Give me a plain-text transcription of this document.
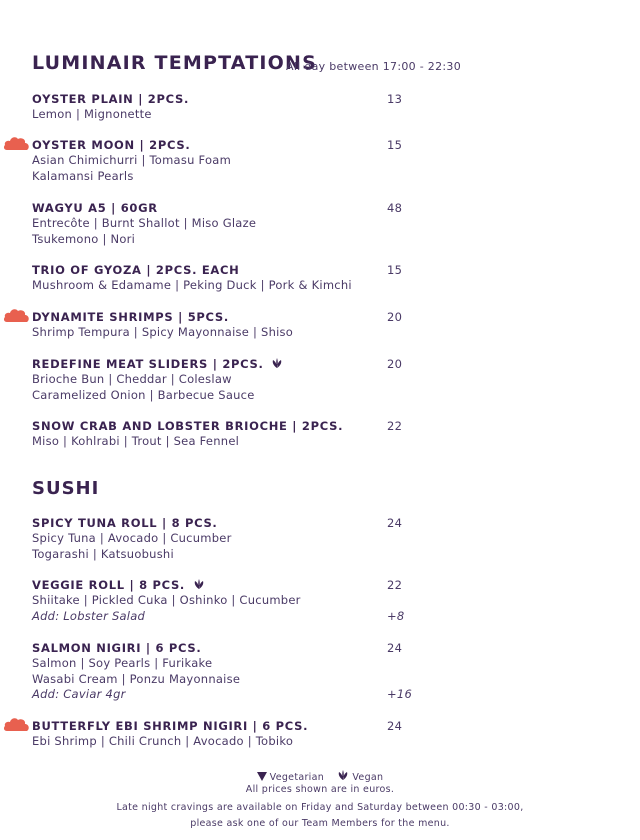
LUMINAIR TEMPTATIONS
All day between 17:00 - 22:30
OYSTER PLAIN | 2PCS.
Lemon | Mignonette
13
OYSTER MOON | 2PCS.
Asian Chimichurri | Tomasu Foam
Kalamansi Pearls
15
WAGYU A5 | 60GR
Entrecôte | Burnt Shallot | Miso Glaze
Tsukemono | Nori
48
TRIO OF GYOZA | 2PCS. EACH
Mushroom & Edamame | Peking Duck | Pork & Kimchi
15
DYNAMITE SHRIMPS | 5PCS.
Shrimp Tempura | Spicy Mayonnaise | Shiso
20
REDEFINE MEAT SLIDERS | 2PCS.
Brioche Bun | Cheddar | Coleslaw
Caramelized Onion | Barbecue Sauce
20
SNOW CRAB AND LOBSTER BRIOCHE | 2PCS.
Miso | Kohlrabi | Trout | Sea Fennel
22
SUSHI
SPICY TUNA ROLL | 8 PCS.
Spicy Tuna | Avocado | Cucumber
Togarashi | Katsuobushi
24
VEGGIE ROLL | 8 PCS.
Shiitake | Pickled Cuka | Oshinko | Cucumber
Add: Lobster Salad
22
+8
SALMON NIGIRI | 6 PCS.
Salmon | Soy Pearls | Furikake
Wasabi Cream | Ponzu Mayonnaise
Add: Caviar 4gr
24
+16
BUTTERFLY EBI SHRIMP NIGIRI | 6 PCS.
Ebi Shrimp | Chili Crunch | Avocado | Tobiko
24
Vegetarian	Vegan
All prices shown are in euros.
Late night cravings are available on Friday and Saturday between 00:30 - 03:00,
please ask one of our Team Members for the menu.
